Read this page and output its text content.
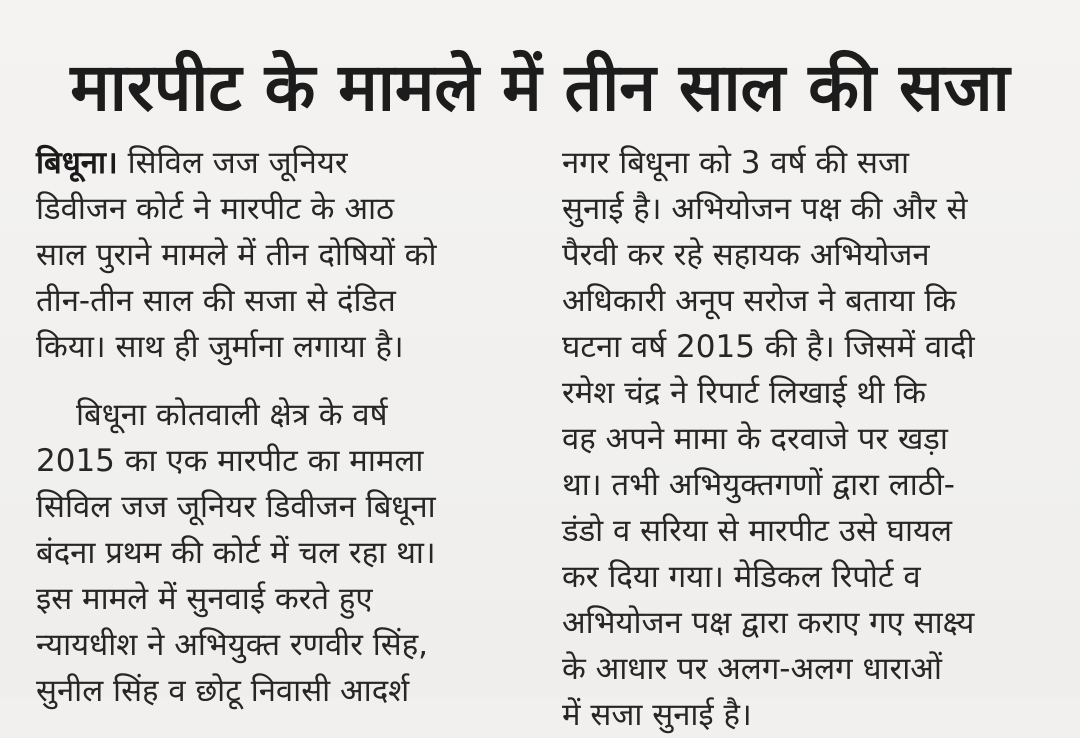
मारपीट के मामले में तीन साल की सजा
बिधूना। सिविल जज जूनियर
डिवीजन कोर्ट ने मारपीट के आठ
साल पुराने मामले में तीन दोषियों को
तीन-तीन साल की सजा से दंडित
किया। साथ ही जुर्माना लगाया है।
बिधूना कोतवाली क्षेत्र के वर्ष
2015 का एक मारपीट का मामला
सिविल जज जूनियर डिवीजन बिधूना
बंदना प्रथम की कोर्ट में चल रहा था।
इस मामले में सुनवाई करते हुए
न्यायधीश ने अभियुक्त रणवीर सिंह,
सुनील सिंह व छोटू निवासी आदर्श
नगर बिधूना को 3 वर्ष की सजा
सुनाई है। अभियोजन पक्ष की और से
पैरवी कर रहे सहायक अभियोजन
अधिकारी अनूप सरोज ने बताया कि
घटना वर्ष 2015 की है। जिसमें वादी
रमेश चंद्र ने रिपार्ट लिखाई थी कि
वह अपने मामा के दरवाजे पर खड़ा
था। तभी अभियुक्तगणों द्वारा लाठी-
डंडो व सरिया से मारपीट उसे घायल
कर दिया गया। मेडिकल रिपोर्ट व
अभियोजन पक्ष द्वारा कराए गए साक्ष्य
के आधार पर अलग-अलग धाराओं
में सजा सुनाई है।
